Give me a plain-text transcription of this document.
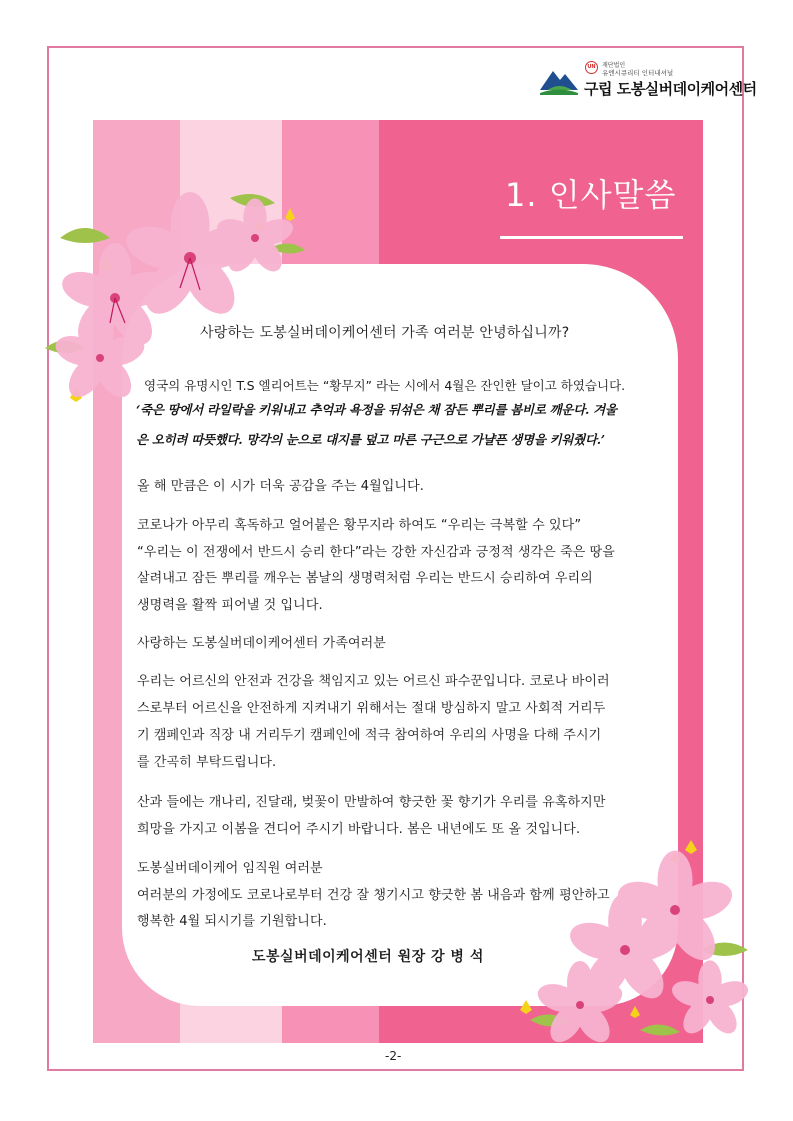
UN	재단법인
유엔시큐리티 인터내셔널
구립 도봉실버데이케어센터
1. 인사말씀
사랑하는 도봉실버데이케어센터 가족 여러분 안녕하십니까?
영국의 유명시인 T.S 엘리어트는 “황무지” 라는 시에서 4월은 잔인한 달이고 하였습니다.
‘죽은 땅에서 라일락을 키워내고 추억과 욕정을 뒤섞은 채 잠든 뿌리를 봄비로 깨운다. 겨울
은 오히려 따뜻했다. 망각의 눈으로 대지를 덮고 마른 구근으로 가냘픈 생명을 키워줬다.’
올 해 만큼은 이 시가 더욱 공감을 주는 4월입니다.
코로나가 아무리 혹독하고 얼어붙은 황무지라 하여도 “우리는 극복할 수 있다”
“우리는 이 전쟁에서 반드시 승리 한다”라는 강한 자신감과 긍정적 생각은 죽은 땅을
살려내고 잠든 뿌리를 깨우는 봄날의 생명력처럼 우리는 반드시 승리하여 우리의
생명력을 활짝 피어낼 것 입니다.
사랑하는 도봉실버데이케어센터 가족여러분
우리는 어르신의 안전과 건강을 책임지고 있는 어르신 파수꾼입니다. 코로나 바이러
스로부터 어르신을 안전하게 지켜내기 위해서는 절대 방심하지 말고 사회적 거리두
기 캠페인과 직장 내 거리두기 캠페인에 적극 참여하여 우리의 사명을 다해 주시기
를 간곡히 부탁드립니다.
산과 들에는 개나리, 진달래, 벚꽃이 만발하여 향긋한 꽃 향기가 우리를 유혹하지만
희망을 가지고 이봄을 견디어 주시기 바랍니다. 봄은 내년에도 또 올 것입니다.
도봉실버데이케어 임직원 여러분
여러분의 가정에도 코로나로부터 건강 잘 챙기시고 향긋한 봄 내음과 함께 평안하고
행복한 4월 되시기를 기원합니다.
도봉실버데이케어센터 원장 강 병 석
-2-
